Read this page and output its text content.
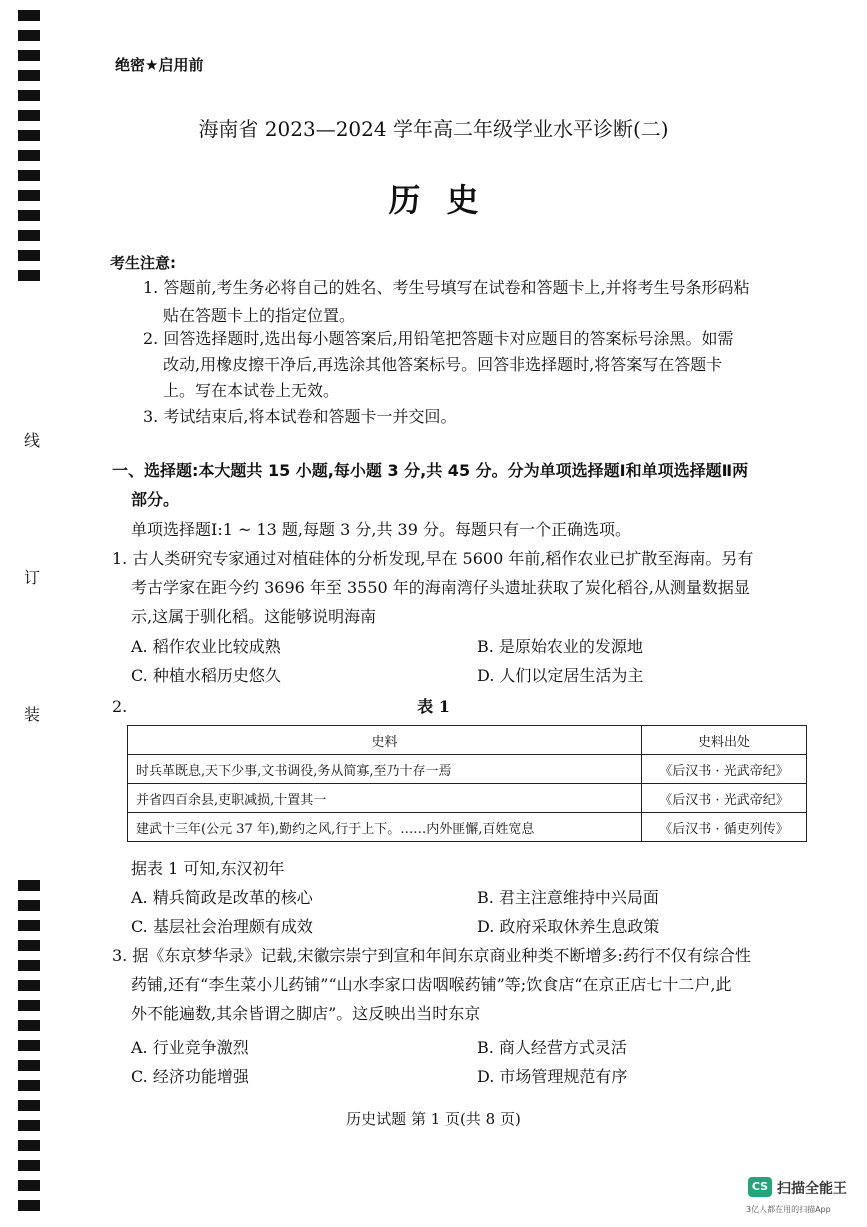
线
订
装
绝密★启用前
海南省 2023—2024 学年高二年级学业水平诊断(二)
历史
考生注意:
1. 答题前,考生务必将自己的姓名、考生号填写在试卷和答题卡上,并将考生号条形码粘
贴在答题卡上的指定位置。
2. 回答选择题时,选出每小题答案后,用铅笔把答题卡对应题目的答案标号涂黑。如需
改动,用橡皮擦干净后,再选涂其他答案标号。回答非选择题时,将答案写在答题卡
上。写在本试卷上无效。
3. 考试结束后,将本试卷和答题卡一并交回。
一、选择题:本大题共 15 小题,每小题 3 分,共 45 分。分为单项选择题Ⅰ和单项选择题Ⅱ两
部分。
单项选择题Ⅰ:1 ~ 13 题,每题 3 分,共 39 分。每题只有一个正确选项。
1. 古人类研究专家通过对植硅体的分析发现,早在 5600 年前,稻作农业已扩散至海南。另有
考古学家在距今约 3696 年至 3550 年的海南湾仔头遗址获取了炭化稻谷,从测量数据显
示,这属于驯化稻。这能够说明海南
A. 稻作农业比较成熟	B. 是原始农业的发源地
C. 种植水稻历史悠久	D. 人们以定居生活为主
2.	表 1
史料	史料出处
时兵革既息,天下少事,文书调役,务从简寡,至乃十存一焉	《后汉书 · 光武帝纪》
并省四百余县,吏职减损,十置其一	《后汉书 · 光武帝纪》
建武十三年(公元 37 年),勤约之风,行于上下。……内外匪懈,百姓宽息	《后汉书 · 循吏列传》
据表 1 可知,东汉初年
A. 精兵简政是改革的核心	B. 君主注意维持中兴局面
C. 基层社会治理颇有成效	D. 政府采取休养生息政策
3. 据《东京梦华录》记载,宋徽宗崇宁到宣和年间东京商业种类不断增多:药行不仅有综合性
药铺,还有“李生菜小儿药铺”“山水李家口齿咽喉药铺”等;饮食店“在京正店七十二户,此
外不能遍数,其余皆谓之脚店”。这反映出当时东京
A. 行业竞争激烈	B. 商人经营方式灵活
C. 经济功能增强	D. 市场管理规范有序
历史试题 第 1 页(共 8 页)
CS 扫描全能王
3亿人都在用的扫描App
